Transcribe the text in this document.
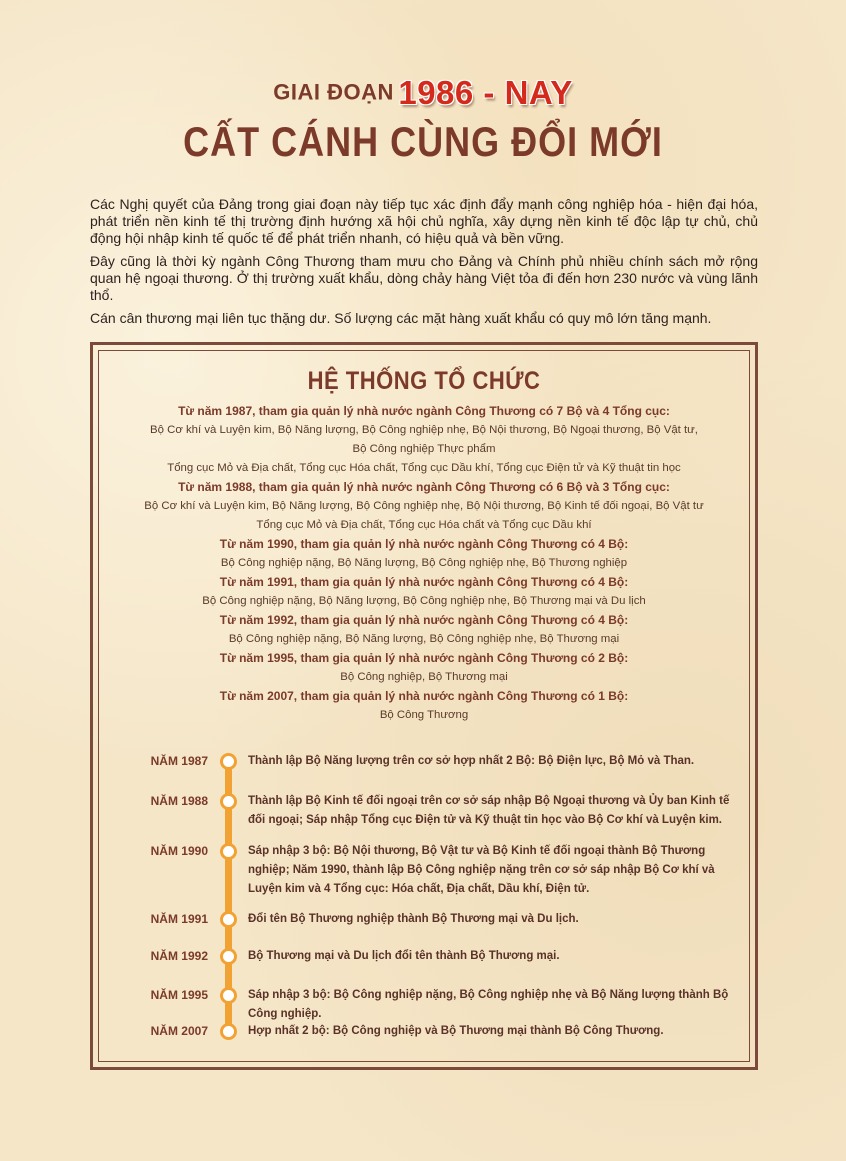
GIAI ĐOẠN 1986 - NAY
CẤT CÁNH CÙNG ĐỔI MỚI

Các Nghị quyết của Đảng trong giai đoạn này tiếp tục xác định đẩy mạnh công nghiệp hóa - hiện đại hóa, phát triển nền kinh tế thị trường định hướng xã hội chủ nghĩa, xây dựng nền kinh tế độc lập tự chủ, chủ động hội nhập kinh tế quốc tế để phát triển nhanh, có hiệu quả và bền vững.

Đây cũng là thời kỳ ngành Công Thương tham mưu cho Đảng và Chính phủ nhiều chính sách mở rộng quan hệ ngoại thương. Ở thị trường xuất khẩu, dòng chảy hàng Việt tỏa đi đến hơn 230 nước và vùng lãnh thổ.

Cán cân thương mại liên tục thặng dư. Số lượng các mặt hàng xuất khẩu có quy mô lớn tăng mạnh.

HỆ THỐNG TỔ CHỨC
Từ năm 1987, tham gia quản lý nhà nước ngành Công Thương có 7 Bộ và 4 Tổng cục:
Bộ Cơ khí và Luyện kim, Bộ Năng lượng, Bộ Công nghiệp nhẹ, Bộ Nội thương, Bộ Ngoại thương, Bộ Vật tư,
Bộ Công nghiệp Thực phẩm
Tổng cục Mỏ và Địa chất, Tổng cục Hóa chất, Tổng cục Dầu khí, Tổng cục Điện tử và Kỹ thuật tin học
Từ năm 1988, tham gia quản lý nhà nước ngành Công Thương có 6 Bộ và 3 Tổng cục:
Bộ Cơ khí và Luyện kim, Bộ Năng lượng, Bộ Công nghiệp nhẹ, Bộ Nội thương, Bộ Kinh tế đối ngoại, Bộ Vật tư
Tổng cục Mỏ và Địa chất, Tổng cục Hóa chất và Tổng cục Dầu khí
Từ năm 1990, tham gia quản lý nhà nước ngành Công Thương có 4 Bộ:
Bộ Công nghiệp nặng, Bộ Năng lượng, Bộ Công nghiệp nhẹ, Bộ Thương nghiệp
Từ năm 1991, tham gia quản lý nhà nước ngành Công Thương có 4 Bộ:
Bộ Công nghiệp nặng, Bộ Năng lượng, Bộ Công nghiệp nhẹ, Bộ Thương mại và Du lịch
Từ năm 1992, tham gia quản lý nhà nước ngành Công Thương có 4 Bộ:
Bộ Công nghiệp nặng, Bộ Năng lượng, Bộ Công nghiệp nhẹ, Bộ Thương mại
Từ năm 1995, tham gia quản lý nhà nước ngành Công Thương có 2 Bộ:
Bộ Công nghiệp, Bộ Thương mại
Từ năm 2007, tham gia quản lý nhà nước ngành Công Thương có 1 Bộ:
Bộ Công Thương
NĂM 1987	Thành lập Bộ Năng lượng trên cơ sở hợp nhất 2 Bộ: Bộ Điện lực, Bộ Mỏ và Than.
NĂM 1988	Thành lập Bộ Kinh tế đối ngoại trên cơ sở sáp nhập Bộ Ngoại thương và Ủy ban Kinh tế đối ngoại; Sáp nhập Tổng cục Điện tử và Kỹ thuật tin học vào Bộ Cơ khí và Luyện kim.
NĂM 1990	Sáp nhập 3 bộ: Bộ Nội thương, Bộ Vật tư và Bộ Kinh tế đối ngoại thành Bộ Thương nghiệp; Năm 1990, thành lập Bộ Công nghiệp nặng trên cơ sở sáp nhập Bộ Cơ khí và Luyện kim và 4 Tổng cục: Hóa chất, Địa chất, Dầu khí, Điện tử.
NĂM 1991	Đổi tên Bộ Thương nghiệp thành Bộ Thương mại và Du lịch.
NĂM 1992	Bộ Thương mại và Du lịch đổi tên thành Bộ Thương mại.
NĂM 1995	Sáp nhập 3 bộ: Bộ Công nghiệp nặng, Bộ Công nghiệp nhẹ và Bộ Năng lượng thành Bộ Công nghiệp.
NĂM 2007	Hợp nhất 2 bộ: Bộ Công nghiệp và Bộ Thương mại thành Bộ Công Thương.
